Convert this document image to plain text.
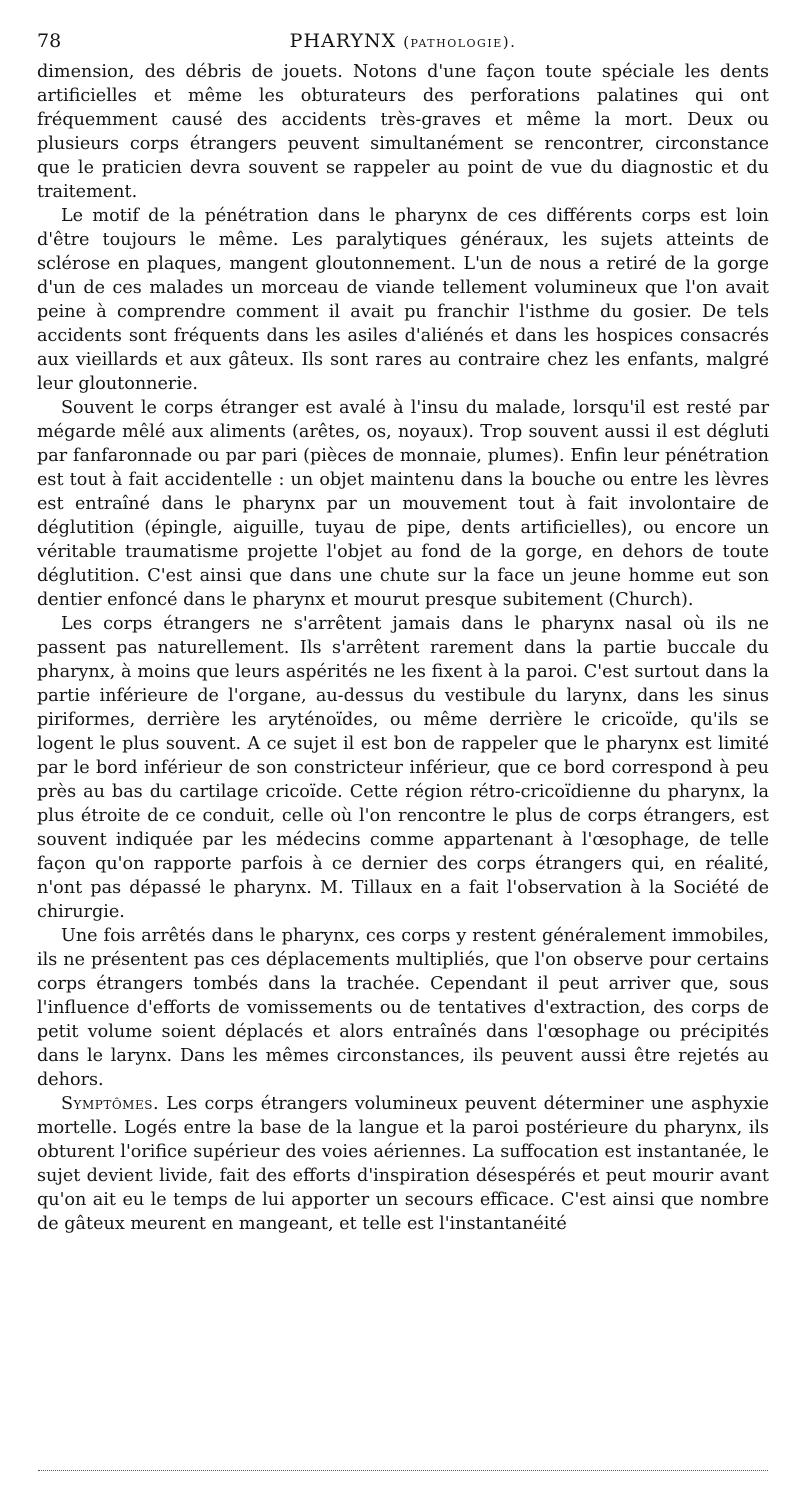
78	PHARYNX (pathologie).

dimension, des débris de jouets. Notons d'une façon toute spéciale les dents artificielles et même les obturateurs des perforations palatines qui ont fréquemment causé des accidents très-graves et même la mort. Deux ou plusieurs corps étrangers peuvent simultanément se rencontrer, circonstance que le praticien devra souvent se rappeler au point de vue du diagnostic et du traitement.

Le motif de la pénétration dans le pharynx de ces différents corps est loin d'être toujours le même. Les paralytiques généraux, les sujets atteints de sclérose en plaques, mangent gloutonnement. L'un de nous a retiré de la gorge d'un de ces malades un morceau de viande tellement volumineux que l'on avait peine à comprendre comment il avait pu franchir l'isthme du gosier. De tels accidents sont fréquents dans les asiles d'aliénés et dans les hospices consacrés aux vieillards et aux gâteux. Ils sont rares au contraire chez les enfants, malgré leur gloutonnerie.

Souvent le corps étranger est avalé à l'insu du malade, lorsqu'il est resté par mégarde mêlé aux aliments (arêtes, os, noyaux). Trop souvent aussi il est dégluti par fanfaronnade ou par pari (pièces de monnaie, plumes). Enfin leur pénétration est tout à fait accidentelle : un objet maintenu dans la bouche ou entre les lèvres est entraîné dans le pharynx par un mouvement tout à fait involontaire de déglutition (épingle, aiguille, tuyau de pipe, dents artificielles), ou encore un véritable traumatisme projette l'objet au fond de la gorge, en dehors de toute déglutition. C'est ainsi que dans une chute sur la face un jeune homme eut son dentier enfoncé dans le pharynx et mourut presque subitement (Church).

Les corps étrangers ne s'arrêtent jamais dans le pharynx nasal où ils ne passent pas naturellement. Ils s'arrêtent rarement dans la partie buccale du pharynx, à moins que leurs aspérités ne les fixent à la paroi. C'est surtout dans la partie inférieure de l'organe, au-dessus du vestibule du larynx, dans les sinus piriformes, derrière les aryténoïdes, ou même derrière le cricoïde, qu'ils se logent le plus souvent. A ce sujet il est bon de rappeler que le pharynx est limité par le bord inférieur de son constricteur inférieur, que ce bord correspond à peu près au bas du cartilage cricoïde. Cette région rétro-cricoïdienne du pharynx, la plus étroite de ce conduit, celle où l'on rencontre le plus de corps étrangers, est souvent indiquée par les médecins comme appartenant à l'œsophage, de telle façon qu'on rapporte parfois à ce dernier des corps étrangers qui, en réalité, n'ont pas dépassé le pharynx. M. Tillaux en a fait l'observation à la Société de chirurgie.

Une fois arrêtés dans le pharynx, ces corps y restent généralement immobiles, ils ne présentent pas ces déplacements multipliés, que l'on observe pour certains corps étrangers tombés dans la trachée. Cependant il peut arriver que, sous l'influence d'efforts de vomissements ou de tentatives d'extraction, des corps de petit volume soient déplacés et alors entraînés dans l'œsophage ou précipités dans le larynx. Dans les mêmes circonstances, ils peuvent aussi être rejetés au dehors.

Symptômes. Les corps étrangers volumineux peuvent déterminer une asphyxie mortelle. Logés entre la base de la langue et la paroi postérieure du pharynx, ils obturent l'orifice supérieur des voies aériennes. La suffocation est instantanée, le sujet devient livide, fait des efforts d'inspiration désespérés et peut mourir avant qu'on ait eu le temps de lui apporter un secours efficace. C'est ainsi que nombre de gâteux meurent en mangeant, et telle est l'instantanéité
